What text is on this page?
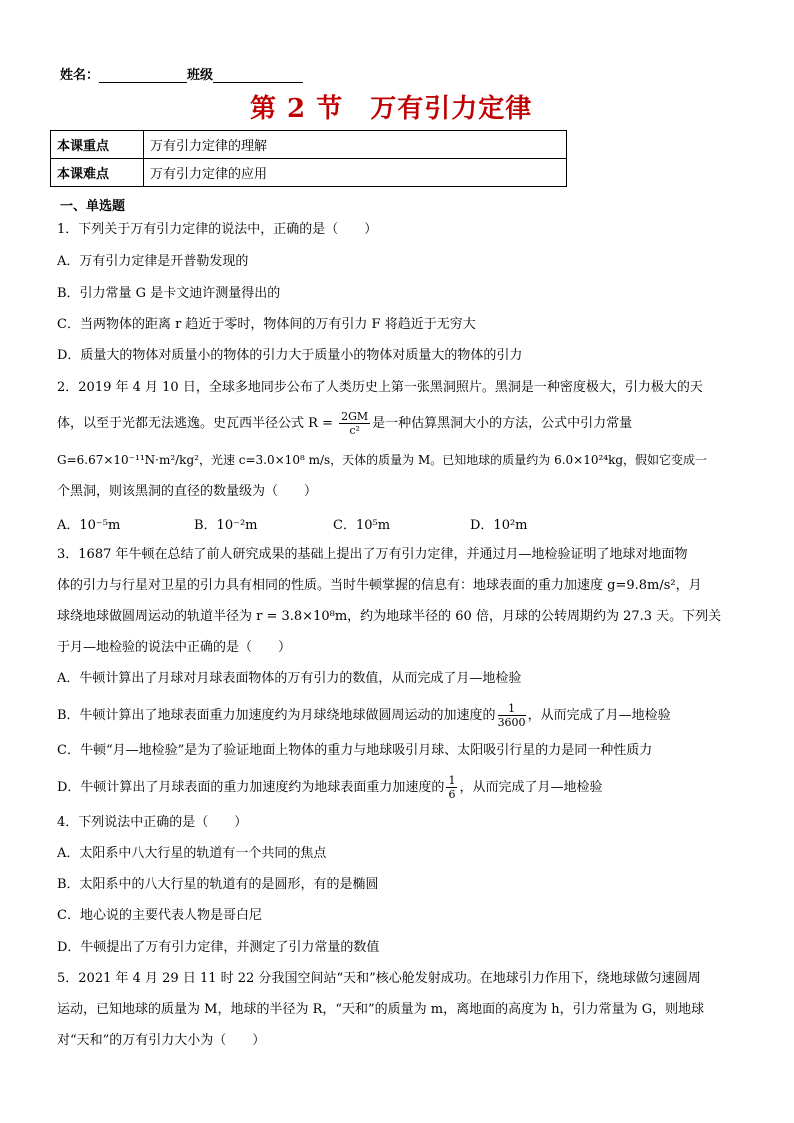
姓名：	班级
第 2 节　万有引力定律
本课重点	万有引力定律的理解
本课难点	万有引力定律的应用
一、单选题
1．下列关于万有引力定律的说法中，正确的是（　　）
A．万有引力定律是开普勒发现的
B．引力常量 G 是卡文迪许测量得出的
C．当两物体的距离 r 趋近于零时，物体间的万有引力 F 将趋近于无穷大
D．质量大的物体对质量小的物体的引力大于质量小的物体对质量大的物体的引力
2．2019 年 4 月 10 日，全球多地同步公布了人类历史上第一张黑洞照片。黑洞是一种密度极大，引力极大的天
体，以至于光都无法逃逸。史瓦西半径公式 $R = \frac{2GM}{\text{c²}}$ 是一种估算黑洞大小的方法，公式中引力常量
G=6.67×10⁻¹¹N·m²/kg²，光速 c=3.0×10⁸ m/s，天体的质量为 M。已知地球的质量约为 6.0×10²⁴kg，假如它变成一
个黑洞，则该黑洞的直径的数量级为（　　）
A．10⁻⁵m	B．10⁻²m	C．10⁵m	D．10²m
3．1687 年牛顿在总结了前人研究成果的基础上提出了万有引力定律，并通过月—地检验证明了地球对地面物
体的引力与行星对卫星的引力具有相同的性质。当时牛顿掌握的信息有：地球表面的重力加速度 g=9.8m/s²，月
球绕地球做圆周运动的轨道半径为 r = 3.8×10⁸m，约为地球半径的 60 倍，月球的公转周期约为 27.3 天。下列关
于月—地检验的说法中正确的是（　　）
A．牛顿计算出了月球对月球表面物体的万有引力的数值，从而完成了月—地检验
B．牛顿计算出了地球表面重力加速度约为月球绕地球做圆周运动的加速度的 $\frac{1}{3600}$ ，从而完成了月—地检验
C．牛顿“月—地检验”是为了验证地面上物体的重力与地球吸引月球、太阳吸引行星的力是同一种性质力
D．牛顿计算出了月球表面的重力加速度约为地球表面重力加速度的 $\frac{1}{6}$ ，从而完成了月—地检验
4．下列说法中正确的是（　　）
A．太阳系中八大行星的轨道有一个共同的焦点
B．太阳系中的八大行星的轨道有的是圆形，有的是椭圆
C．地心说的主要代表人物是哥白尼
D．牛顿提出了万有引力定律，并测定了引力常量的数值
5．2021 年 4 月 29 日 11 时 22 分我国空间站“天和”核心舱发射成功。在地球引力作用下，绕地球做匀速圆周
运动，已知地球的质量为 M，地球的半径为 R，“天和”的质量为 m，离地面的高度为 h，引力常量为 G，则地球
对“天和”的万有引力大小为（　　）
